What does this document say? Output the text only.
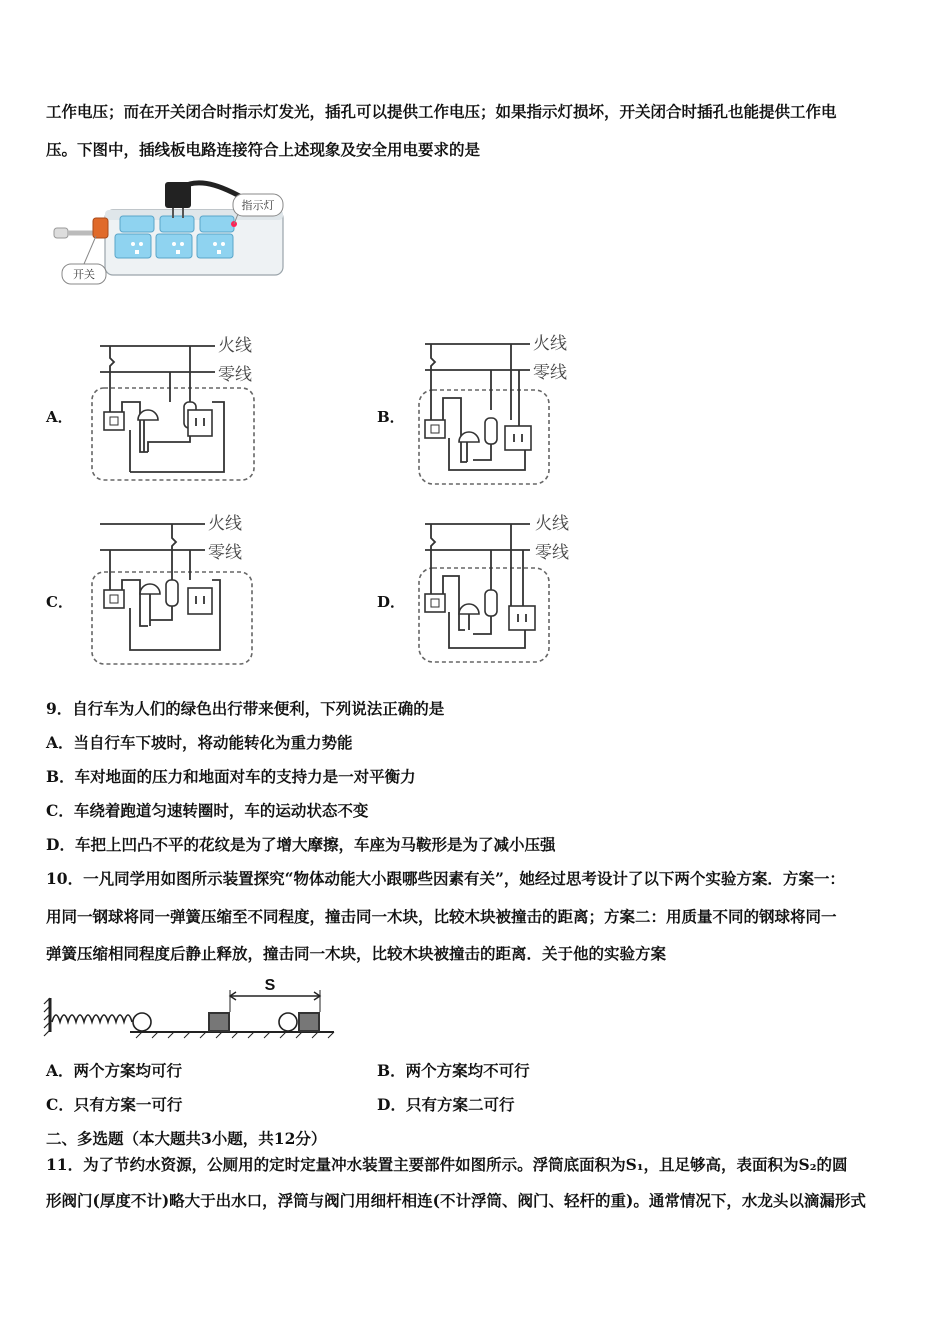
工作电压；而在开关闭合时指示灯发光，插孔可以提供工作电压；如果指示灯损坏，开关闭合时插孔也能提供工作电
压。下图中，插线板电路连接符合上述现象及安全用电要求的是
指示灯
开关
A．
火线
零线
B．
火线
零线
C．
火线
零线
D．
火线
零线
9．自行车为人们的绿色出行带来便利，下列说法正确的是
A．当自行车下坡时，将动能转化为重力势能
B．车对地面的压力和地面对车的支持力是一对平衡力
C．车绕着跑道匀速转圈时，车的运动状态不变
D．车把上凹凸不平的花纹是为了增大摩擦，车座为马鞍形是为了减小压强
10．一凡同学用如图所示装置探究“物体动能大小跟哪些因素有关”，她经过思考设计了以下两个实验方案．方案一：
用同一钢球将同一弹簧压缩至不同程度，撞击同一木块，比较木块被撞击的距离；方案二：用质量不同的钢球将同一
弹簧压缩相同程度后静止释放，撞击同一木块，比较木块被撞击的距离．关于他的实验方案
S
A．两个方案均可行	B．两个方案均不可行
C．只有方案一可行	D．只有方案二可行
二、多选题（本大题共3小题，共12分）
11．为了节约水资源，公厕用的定时定量冲水装置主要部件如图所示。浮筒底面积为S₁，且足够高，表面积为S₂的圆
形阀门(厚度不计)略大于出水口，浮筒与阀门用细杆相连(不计浮筒、阀门、轻杆的重)。通常情况下，水龙头以滴漏形式
